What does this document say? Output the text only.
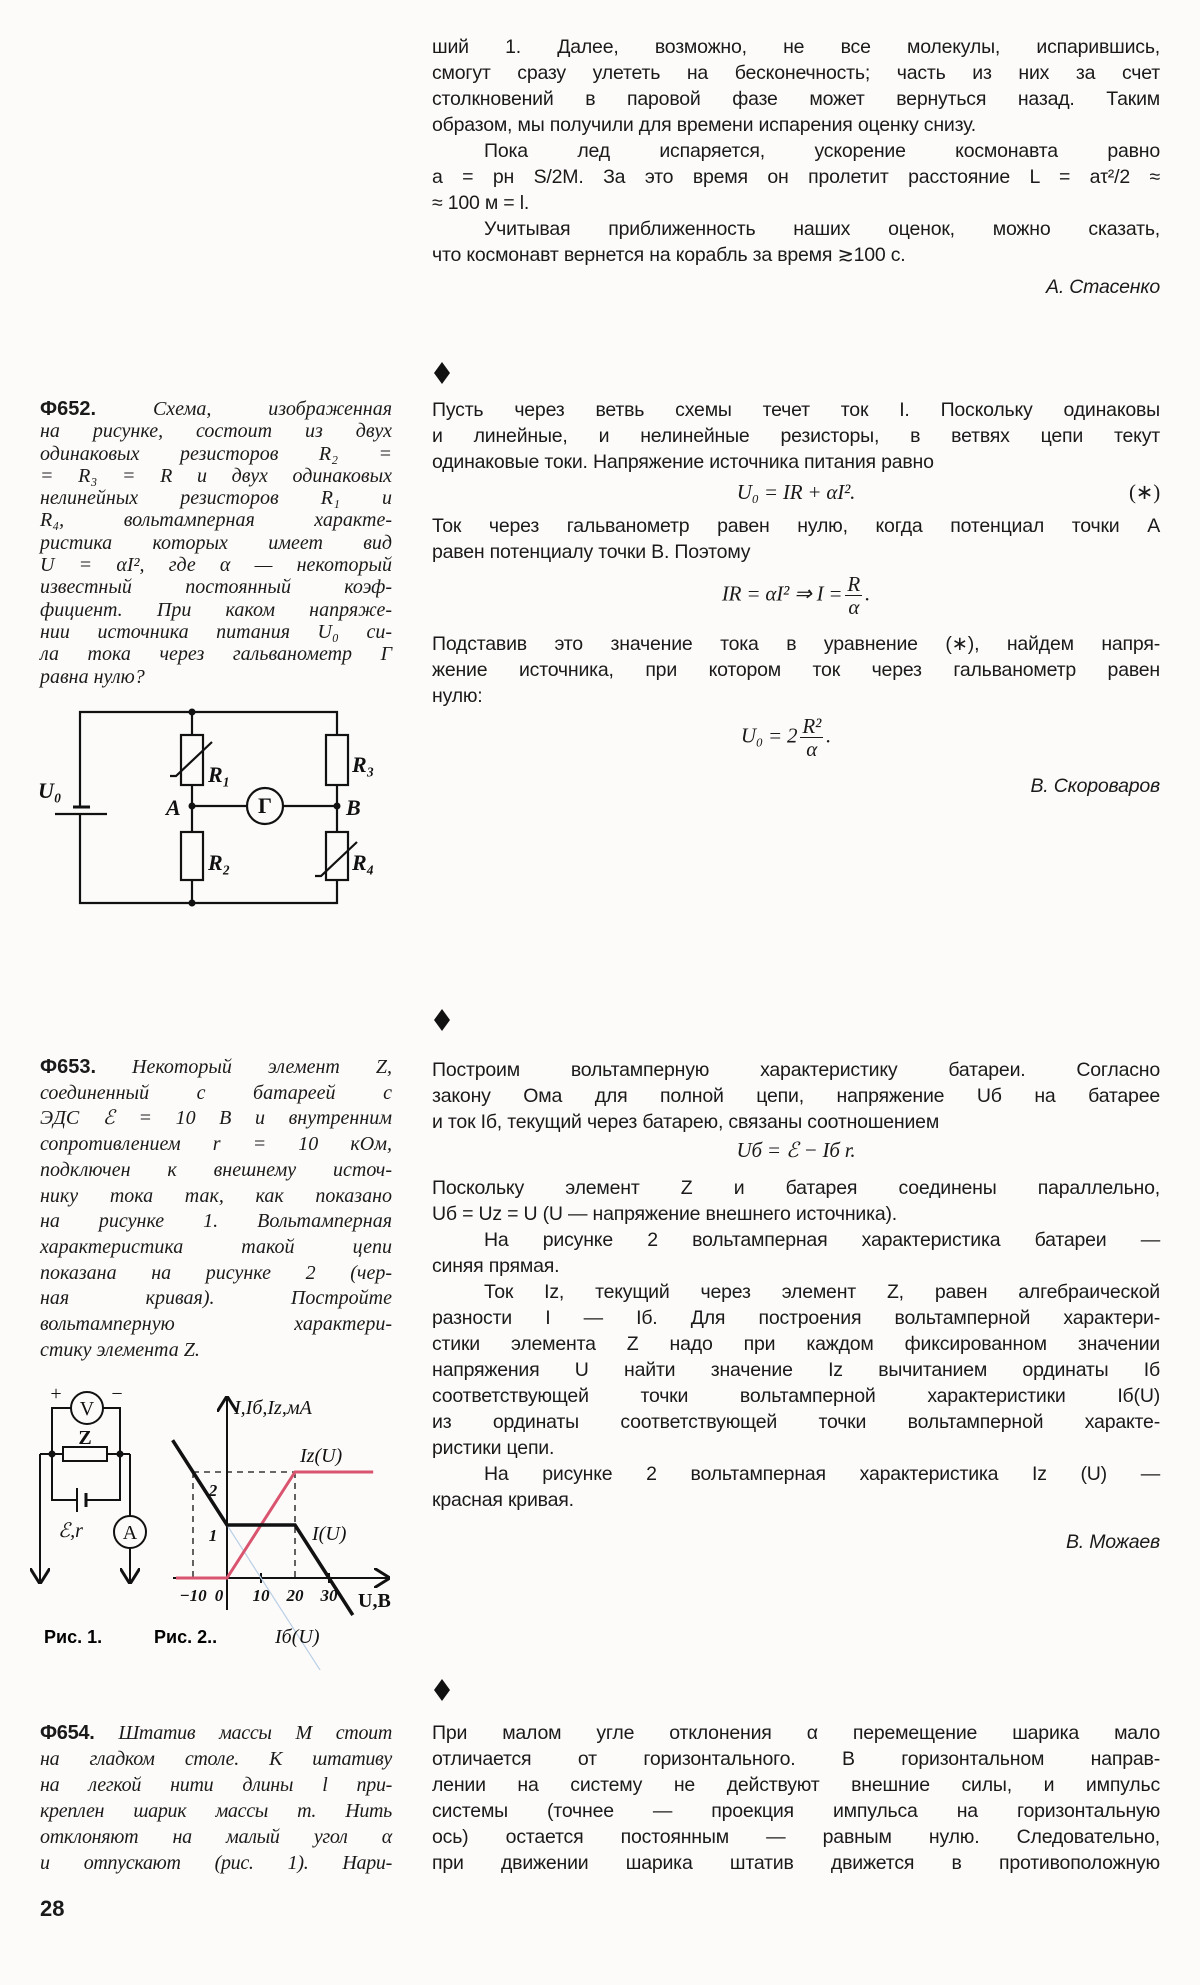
ший 1. Далее, возможно, не все молекулы, испарившись,
смогут сразу улететь на бесконечность; часть из них за счет
столкновений в паровой фазе может вернуться назад. Таким
образом, мы получили для времени испарения оценку снизу.
Пока лед испаряется, ускорение космонавта равно
a = pн S/2M. За это время он пролетит расстояние L = aτ²/2 ≈
≈ 100 м = l.
Учитывая приближенность наших оценок, можно сказать,
что космонавт вернется на корабль за время ≳100 с.
А. Стасенко
Ф652.	Схема, изображенная
на рисунке, состоит из двух
одинаковых резисторов R₂ =
= R₃ = R и двух одинаковых
нелинейных резисторов R₁ и
R₄, вольтамперная характе-
ристика которых имеет вид
U = αI², где α — некоторый
известный постоянный коэф-
фициент. При каком напряже-
нии источника питания U₀ си-
ла тока через гальванометр Г
равна нулю?
R₁	R₃
R₂	R₄
U₀
A	B
Г
Пусть через ветвь схемы течет ток I. Поскольку одинаковы
и линейные, и нелинейные резисторы, в ветвях цепи текут
одинаковые токи. Напряжение источника питания равно
U₀ = IR + αI².	(∗)
Ток через гальванометр равен нулю, когда потенциал точки A
равен потенциалу точки B. Поэтому
IR = αI² ⇒ $I = \frac{R}{\alpha}$ .
Подставив это значение тока в уравнение (∗), найдем напря-
жение источника, при котором ток через гальванометр равен
нулю:
$U_0 = 2 \frac{\text{R²}}{\alpha}$ .
В. Скороваров
Ф653. Некоторый элемент Z,
соединенный с батареей с
ЭДС ℰ = 10 В и внутренним
сопротивлением r = 10 кОм,
подключен к внешнему источ-
нику тока так, как показано
на рисунке 1. Вольтамперная
характеристика такой цепи
показана на рисунке 2 (чер-
ная кривая). Постройте
вольтамперную характери-
стику элемента Z.
V
A
+ −
Z
ℰ,r
I,Iб,Iz,мА
Iz(U)
I(U)
U,В
Iб(U)
−10 0 10 20 30
1
2
Рис. 1.	Рис. 2..
Построим вольтамперную характеристику батареи. Согласно
закону Ома для полной цепи, напряжение Uб на батарее
и ток Iб, текущий через батарею, связаны соотношением
Uб = ℰ − Iб r.
Поскольку элемент Z и батарея соединены параллельно,
Uб = Uz = U (U — напряжение внешнего источника).
На рисунке 2 вольтамперная характеристика батареи —
синяя прямая.
Ток Iz, текущий через элемент Z, равен алгебраической
разности I — Iб. Для построения вольтамперной характери-
стики элемента Z надо при каждом фиксированном значении
напряжения U найти значение Iz вычитанием ординаты Iб
соответствующей точки вольтамперной характеристики Iб(U)
из ординаты соответствующей точки вольтамперной характе-
ристики цепи.
На рисунке 2 вольтамперная характеристика Iz (U) —
красная кривая.
В. Можаев
Ф654. Штатив массы M стоит
на гладком столе. К штативу
на легкой нити длины l при-
креплен шарик массы m. Нить
отклоняют на малый угол α
и отпускают (рис. 1). Нари-
При малом угле отклонения α перемещение шарика мало
отличается от горизонтального. В горизонтальном направ-
лении на систему не действуют внешние силы, и импульс
системы (точнее — проекция импульса на горизонтальную
ось) остается постоянным — равным нулю. Следовательно,
при движении шарика штатив движется в противоположную
28
